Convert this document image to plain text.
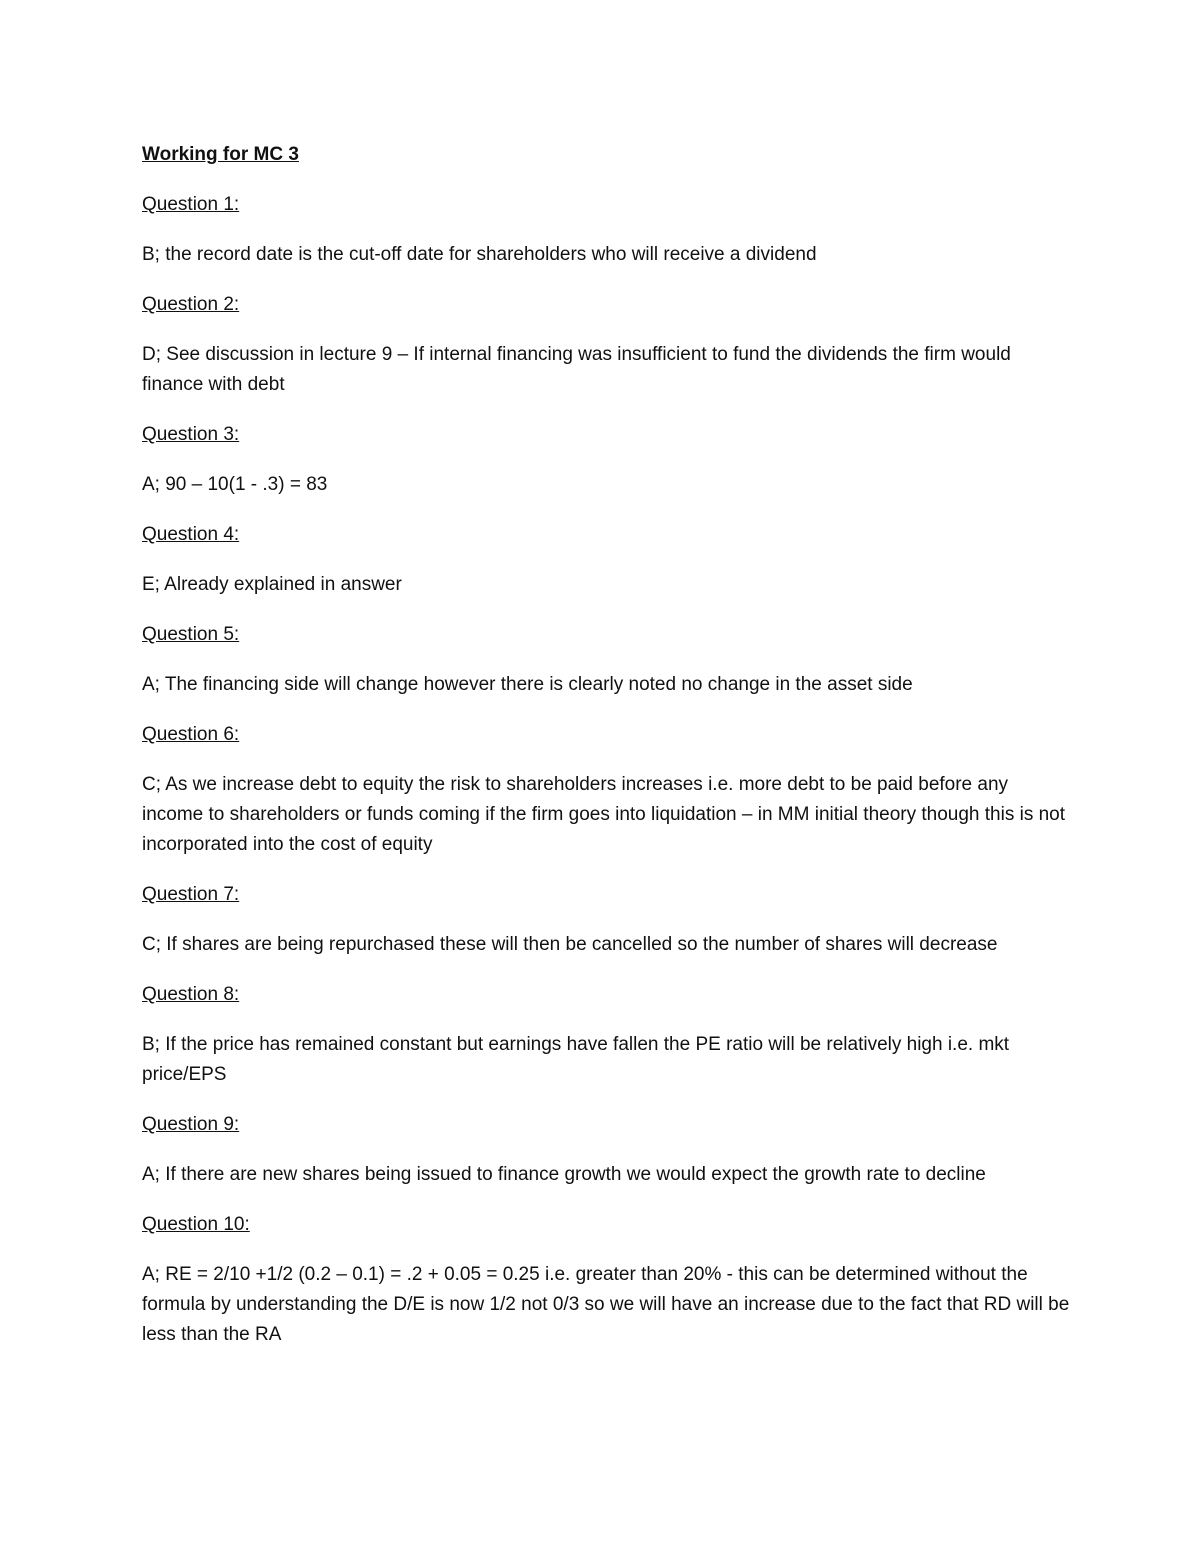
Working for MC 3
Question 1:
B; the record date is the cut-off date for shareholders who will receive a dividend
Question 2:
D; See discussion in lecture 9 – If internal financing was insufficient to fund the dividends the firm would finance with debt
Question 3:
A; 90 – 10(1 - .3) = 83
Question 4:
E; Already explained in answer
Question 5:
A; The financing side will change however there is clearly noted no change in the asset side
Question 6:
C; As we increase debt to equity the risk to shareholders increases i.e. more debt to be paid before any income to shareholders or funds coming if the firm goes into liquidation – in MM initial theory though this is not incorporated into the cost of equity
Question 7:
C; If shares are being repurchased these will then be cancelled so the number of shares will decrease
Question 8:
B; If the price has remained constant but earnings have fallen the PE ratio will be relatively high i.e. mkt price/EPS
Question 9:
A; If there are new shares being issued to finance growth we would expect the growth rate to decline
Question 10:
A; RE = 2/10 +1/2 (0.2 – 0.1) = .2 + 0.05 = 0.25 i.e. greater than 20% - this can be determined without the formula by understanding the D/E is now 1/2 not 0/3 so we will have an increase due to the fact that RD will be less than the RA
